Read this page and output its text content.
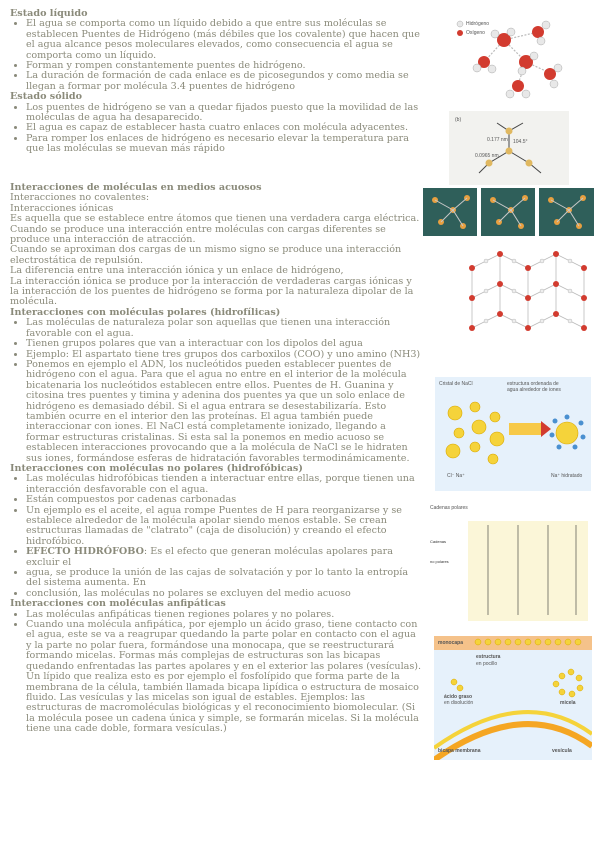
Estado líquido
• El agua se comporta como un líquido debido a que entre sus moléculas se establecen Puentes de Hidrógeno (más débiles que los covalente) que hacen que el agua alcance pesos moleculares elevados, como consecuencia el agua se comporta como un líquido.
• Forman y rompen constantemente puentes de hidrógeno.
• La duración de formación de cada enlace es de picosegundos y como media se llegan a formar por molécula 3.4 puentes de hidrógeno
Estado sólido
• Los puentes de hidrógeno se van a quedar fijados puesto que la movilidad de las moléculas de agua ha desaparecido.
• El agua es capaz de establecer hasta cuatro enlaces con molécula adyacentes.
• Para romper los enlaces de hidrógeno es necesario elevar la temperatura para que las moléculas se muevan más rápido
Interacciones de moléculas en medios acuosos
Interacciones no covalentes:
Interacciones iónicas
Es aquella que se establece entre átomos que tienen una verdadera carga eléctrica.
Cuando se produce una interacción entre moléculas con cargas diferentes se produce una interacción de atracción.
Cuando se aproximan dos cargas de un mismo signo se produce una interacción electrostática de repulsión.
La diferencia entre una interacción iónica y un enlace de hidrógeno,
La interacción iónica se produce por la interacción de verdaderas cargas iónicas y la interacción de los puentes de hidrógeno se forma por la naturaleza dipolar de la molécula.
Interacciones con moléculas polares (hidrofílicas)
• Las moléculas de naturaleza polar son aquellas que tienen una interacción favorable con el agua.
• Tienen grupos polares que van a interactuar con los dipolos del agua
• Ejemplo: El aspartato tiene tres grupos dos carboxilos (COO) y uno amino (NH3)
• Ponemos en ejemplo el ADN, los nucleótidos pueden establecer puentes de hidrógeno con el agua. Para que el agua no entre en el interior de la molécula bicatenaria los nucleótidos establecen entre ellos. Puentes de H. Guanina y citosina tres puentes y timina y adenina dos puentes ya que un solo enlace de hidrógeno es demasiado débil. Si el agua entrara se desestabilizaría. Esto también ocurre en el interior den las proteínas. El agua también puede interaccionar con iones. El NaCl está completamente ionizado, llegando a formar estructuras cristalinas. Si esta sal la ponemos en medio acuoso se establecen interacciones provocando que a la molécula de NaCl se le hidraten sus iones, formándose esferas de hidratación favorables termodinámicamente.
Interacciones con moléculas no polares (hidrofóbicas)
• Las moléculas hidrofóbicas tienden a interactuar entre ellas, porque tienen una interacción desfavorable con el agua.
• Están compuestos por cadenas carbonadas
• Un ejemplo es el aceite, el agua rompe Puentes de H para reorganizarse y se establece alrededor de la molécula apolar siendo menos estable. Se crean estructuras llamadas de "clatrato" (caja de disolución) y creando el efecto hidrofóbico.
• EFECTO HIDRÓFOBO: Es el efecto que generan moléculas apolares para excluir el
• agua, se produce la unión de las cajas de solvatación y por lo tanto la entropía del sistema aumenta. En
• conclusión, las moléculas no polares se excluyen del medio acuoso
Interacciones con moléculas anfipáticas
• Las moléculas anfipáticas tienen regiones polares y no polares.
• Cuando una molécula anfipática, por ejemplo un ácido graso, tiene contacto con el agua, este se va a reagrupar quedando la parte polar en contacto con el agua y la parte no polar fuera, formándose una monocapa, que se reestructurará formando micelas. Formas más complejas de estructuras son las bicapas quedando enfrentadas las partes apolares y en el exterior las polares (vesículas). Un lípido que realiza esto es por ejemplo el fosfolípido que forma parte de la membrana de la célula, también llamada bicapa lipídica o estructura de mosaico fluido. Las vesículas y las micelas son igual de estables. Ejemplos: las estructuras de macromoléculas biológicas y el reconocimiento biomolecular. (Si la molécula posee un cadena única y simple, se formarán micelas. Si la molécula tiene una cade doble, formara vesículas.)
Hidrógeno
Oxígeno
0.177 nm 104.5°
0.0965 nm
(b)
Cristal de NaCl	estructura ordenada de agua alrededor de iones
Cl⁻ Na⁺	Na⁺ hidratado
Cadenas
no polares
Cadenas polares
monocapa
estructura
en pocillo
ácido graso
en disolución	micela
bicapa membrana	vesícula
